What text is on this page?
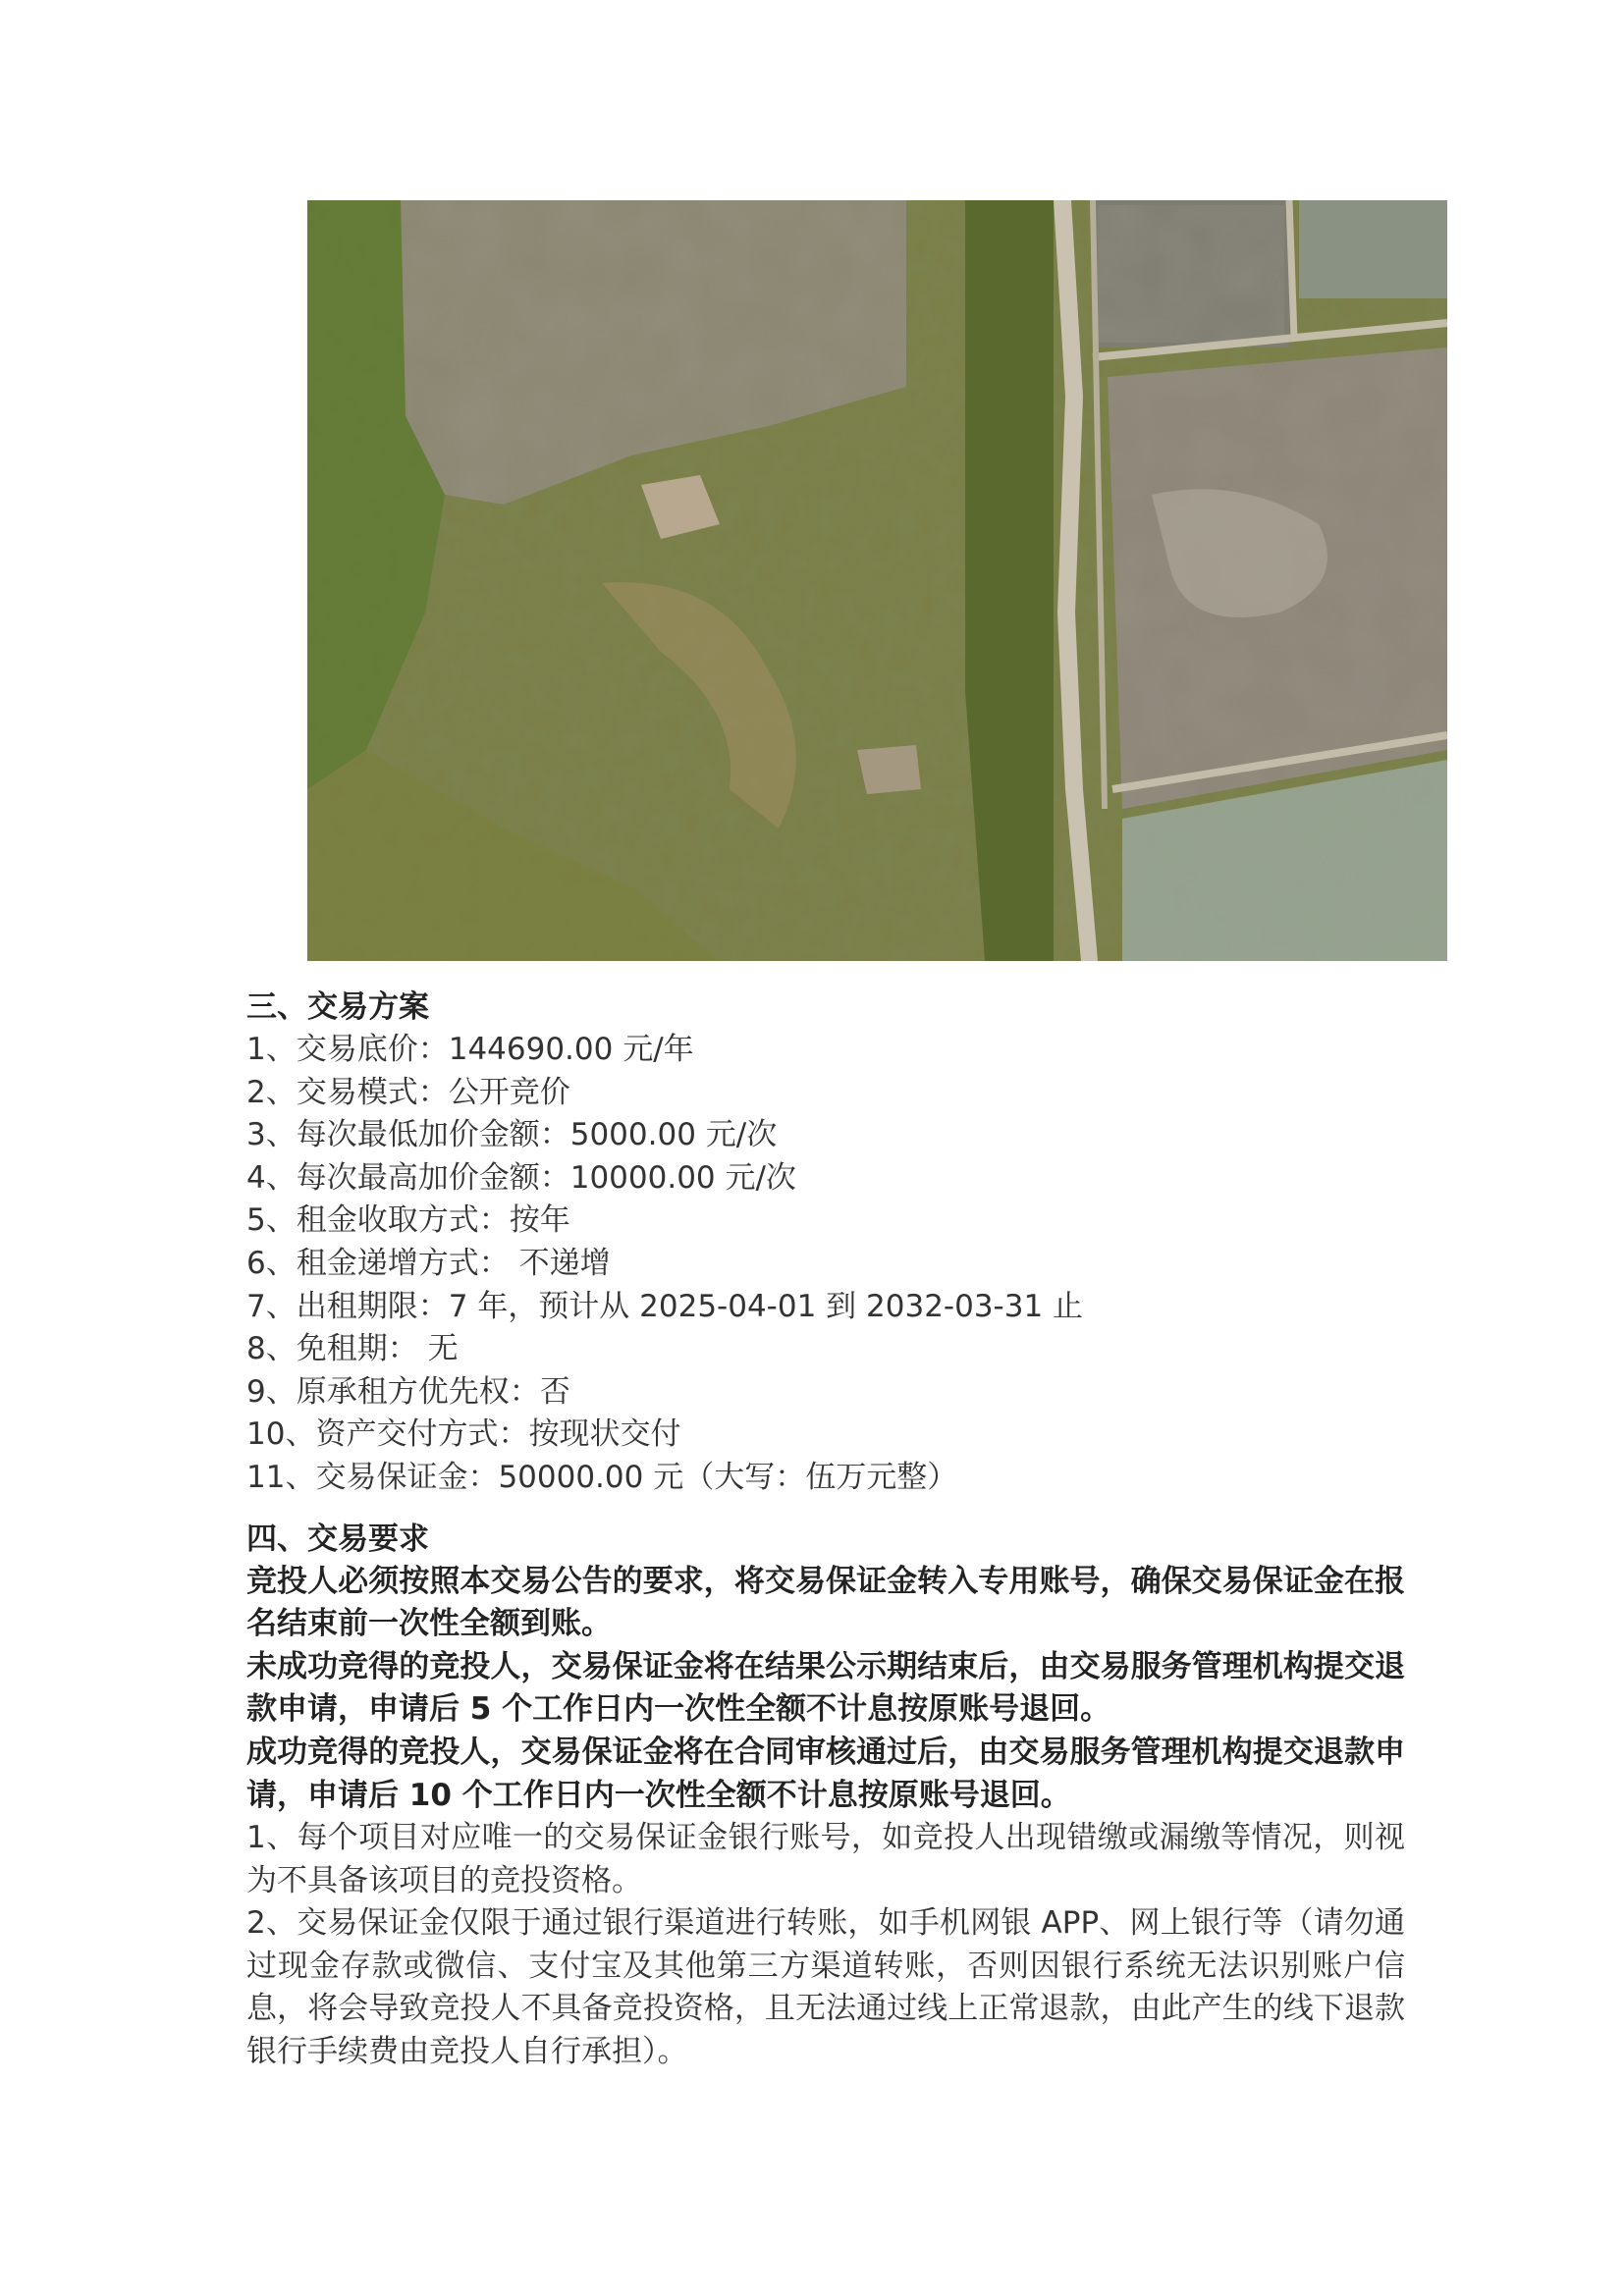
三、交易方案

1、交易底价：144690.00 元/年

2、交易模式：公开竞价

3、每次最低加价金额：5000.00 元/次

4、每次最高加价金额：10000.00 元/次

5、租金收取方式：按年

6、租金递增方式： 不递增

7、出租期限：7 年，预计从 2025-04-01 到 2032-03-31 止

8、免租期： 无

9、原承租方优先权：否

10、资产交付方式：按现状交付

11、交易保证金：50000.00 元（大写：伍万元整）

四、交易要求

竞投人必须按照本交易公告的要求，将交易保证金转入专用账号，确保交易保证金在报名结束前一次性全额到账。

未成功竞得的竞投人，交易保证金将在结果公示期结束后，由交易服务管理机构提交退款申请，申请后 5 个工作日内一次性全额不计息按原账号退回。

成功竞得的竞投人，交易保证金将在合同审核通过后，由交易服务管理机构提交退款申请，申请后 10 个工作日内一次性全额不计息按原账号退回。

1、每个项目对应唯一的交易保证金银行账号，如竞投人出现错缴或漏缴等情况，则视为不具备该项目的竞投资格。

2、交易保证金仅限于通过银行渠道进行转账，如手机网银 APP、网上银行等（请勿通过现金存款或微信、支付宝及其他第三方渠道转账，否则因银行系统无法识别账户信息，将会导致竞投人不具备竞投资格，且无法通过线上正常退款，由此产生的线下退款银行手续费由竞投人自行承担）。
